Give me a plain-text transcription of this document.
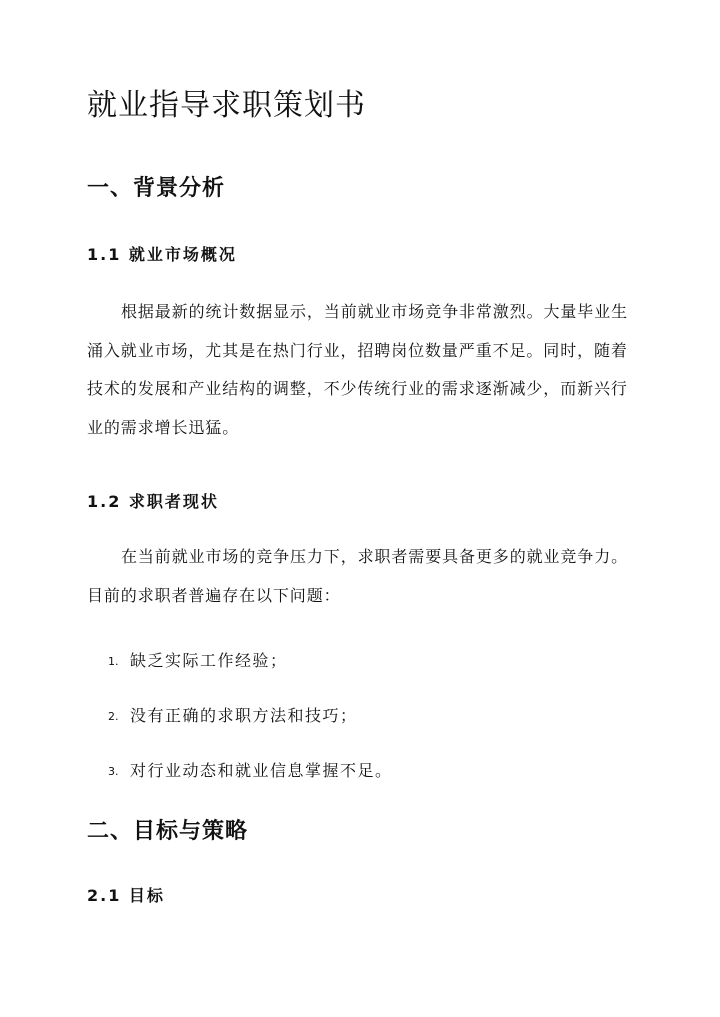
就业指导求职策划书
一、背景分析
1.1 就业市场概况

根据最新的统计数据显示，当前就业市场竞争非常激烈。大量毕业生涌入就业市场，尤其是在热门行业，招聘岗位数量严重不足。同时，随着技术的发展和产业结构的调整，不少传统行业的需求逐渐减少，而新兴行业的需求增长迅猛。

1.2 求职者现状

在当前就业市场的竞争压力下，求职者需要具备更多的就业竞争力。目前的求职者普遍存在以下问题：

1. 缺乏实际工作经验；
2. 没有正确的求职方法和技巧；
3. 对行业动态和就业信息掌握不足。
二、目标与策略
2.1 目标
